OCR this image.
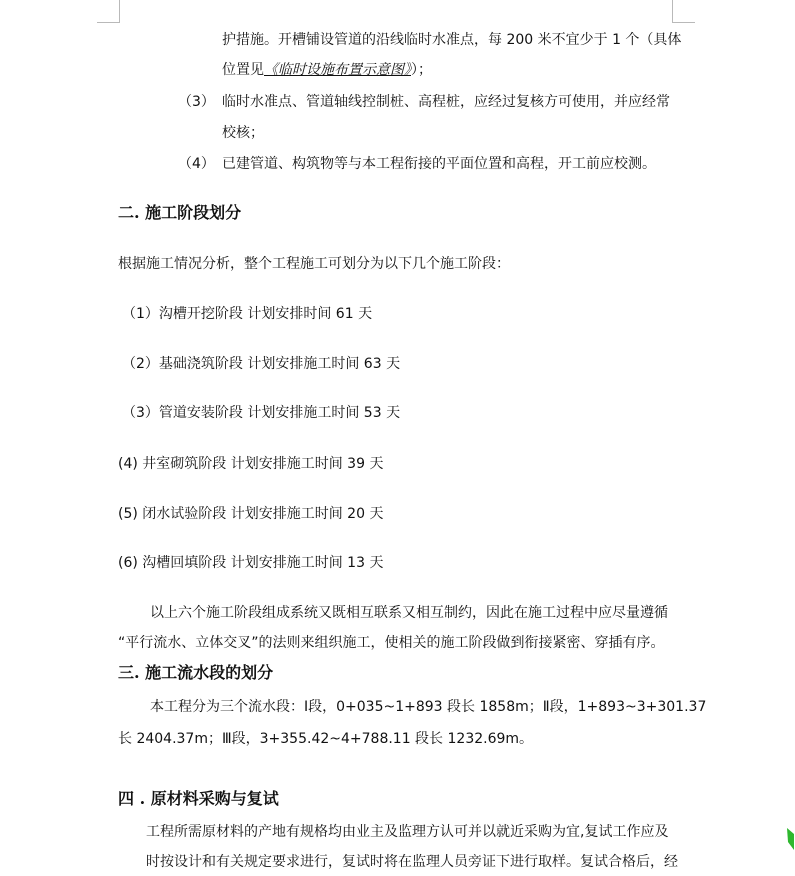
护措施。开槽铺设管道的沿线临时水准点，每 200 米不宜少于 1 个（具体
位置见《临时设施布置示意图》）；
（3） 临时水准点、管道轴线控制桩、高程桩，应经过复核方可使用，并应经常
校核；
（4） 已建管道、构筑物等与本工程衔接的平面位置和高程，开工前应校测。
二. 施工阶段划分
根据施工情况分析，整个工程施工可划分为以下几个施工阶段：
（1）沟槽开挖阶段 计划安排时间 61 天
（2）基础浇筑阶段 计划安排施工时间 63 天
（3）管道安装阶段 计划安排施工时间 53 天
(4) 井室砌筑阶段 计划安排施工时间 39 天
(5) 闭水试验阶段 计划安排施工时间 20 天
(6) 沟槽回填阶段 计划安排施工时间 13 天
以上六个施工阶段组成系统又既相互联系又相互制约，因此在施工过程中应尽量遵循
“平行流水、立体交叉”的法则来组织施工，使相关的施工阶段做到衔接紧密、穿插有序。
三. 施工流水段的划分
本工程分为三个流水段：Ⅰ段，0+035~1+893 段长 1858m；Ⅱ段，1+893~3+301.37
长 2404.37m；Ⅲ段，3+355.42~4+788.11 段长 1232.69m。
四 . 原材料采购与复试
工程所需原材料的产地有规格均由业主及监理方认可并以就近采购为宜,复试工作应及
时按设计和有关规定要求进行，复试时将在监理人员旁证下进行取样。复试合格后，经
